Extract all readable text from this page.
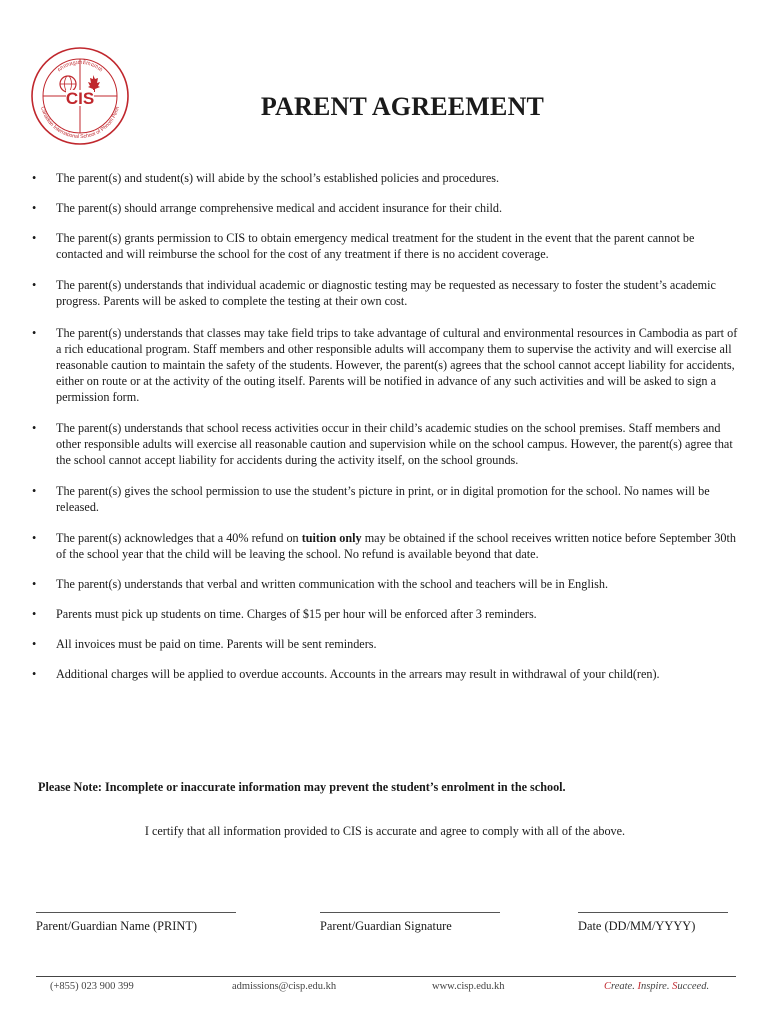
CIS
សាលាអន្តរជាតិកាណាដា
Canadian International School of Phnom Penh	PARENT AGREEMENT
• The parent(s) and student(s) will abide by the school’s established policies and procedures.
• The parent(s) should arrange comprehensive medical and accident insurance for their child.
• The parent(s) grants permission to CIS to obtain emergency medical treatment for the student in the event that the parent cannot be contacted and will reimburse the school for the cost of any treatment if there is no accident coverage.
• The parent(s) understands that individual academic or diagnostic testing may be requested as necessary to foster the student’s academic progress. Parents will be asked to complete the testing at their own cost.
• The parent(s) understands that classes may take field trips to take advantage of cultural and environmental resources in Cambodia as part of a rich educational program. Staff members and other responsible adults will accompany them to supervise the activity and will exercise all reasonable caution to maintain the safety of the students. However, the parent(s) agrees that the school cannot accept liability for accidents, either on route or at the activity of the outing itself. Parents will be notified in advance of any such activities and will be asked to sign a permission form.
• The parent(s) understands that school recess activities occur in their child’s academic studies on the school premises. Staff members and other responsible adults will exercise all reasonable caution and supervision while on the school campus. However, the parent(s) agree that the school cannot accept liability for accidents during the activity itself, on the school grounds.
• The parent(s) gives the school permission to use the student’s picture in print, or in digital promotion for the school. No names will be released.
• The parent(s) acknowledges that a 40% refund on tuition only may be obtained if the school receives written notice before September 30th of the school year that the child will be leaving the school. No refund is available beyond that date.
• The parent(s) understands that verbal and written communication with the school and teachers will be in English.
• Parents must pick up students on time. Charges of $15 per hour will be enforced after 3 reminders.
• All invoices must be paid on time. Parents will be sent reminders.
• Additional charges will be applied to overdue accounts. Accounts in the arrears may result in withdrawal of your child(ren).
Please Note: Incomplete or inaccurate information may prevent the student’s enrolment in the school.
I certify that all information provided to CIS is accurate and agree to comply with all of the above.
Parent/Guardian Name (PRINT)	Parent/Guardian Signature	Date (DD/MM/YYYY)
(+855) 023 900 399	admissions@cisp.edu.kh	www.cisp.edu.kh	Create. Inspire. Succeed.
